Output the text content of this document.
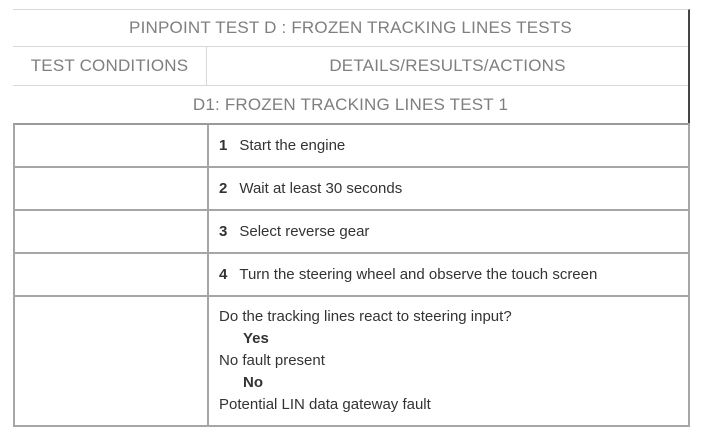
PINPOINT TEST D : FROZEN TRACKING LINES TESTS
TEST CONDITIONS	DETAILS/RESULTS/ACTIONS
D1: FROZEN TRACKING LINES TEST 1
1 Start the engine
2 Wait at least 30 seconds
3 Select reverse gear
4 Turn the steering wheel and observe the touch screen
Do the tracking lines react to steering input?
Yes
No fault present
No
Potential LIN data gateway fault
